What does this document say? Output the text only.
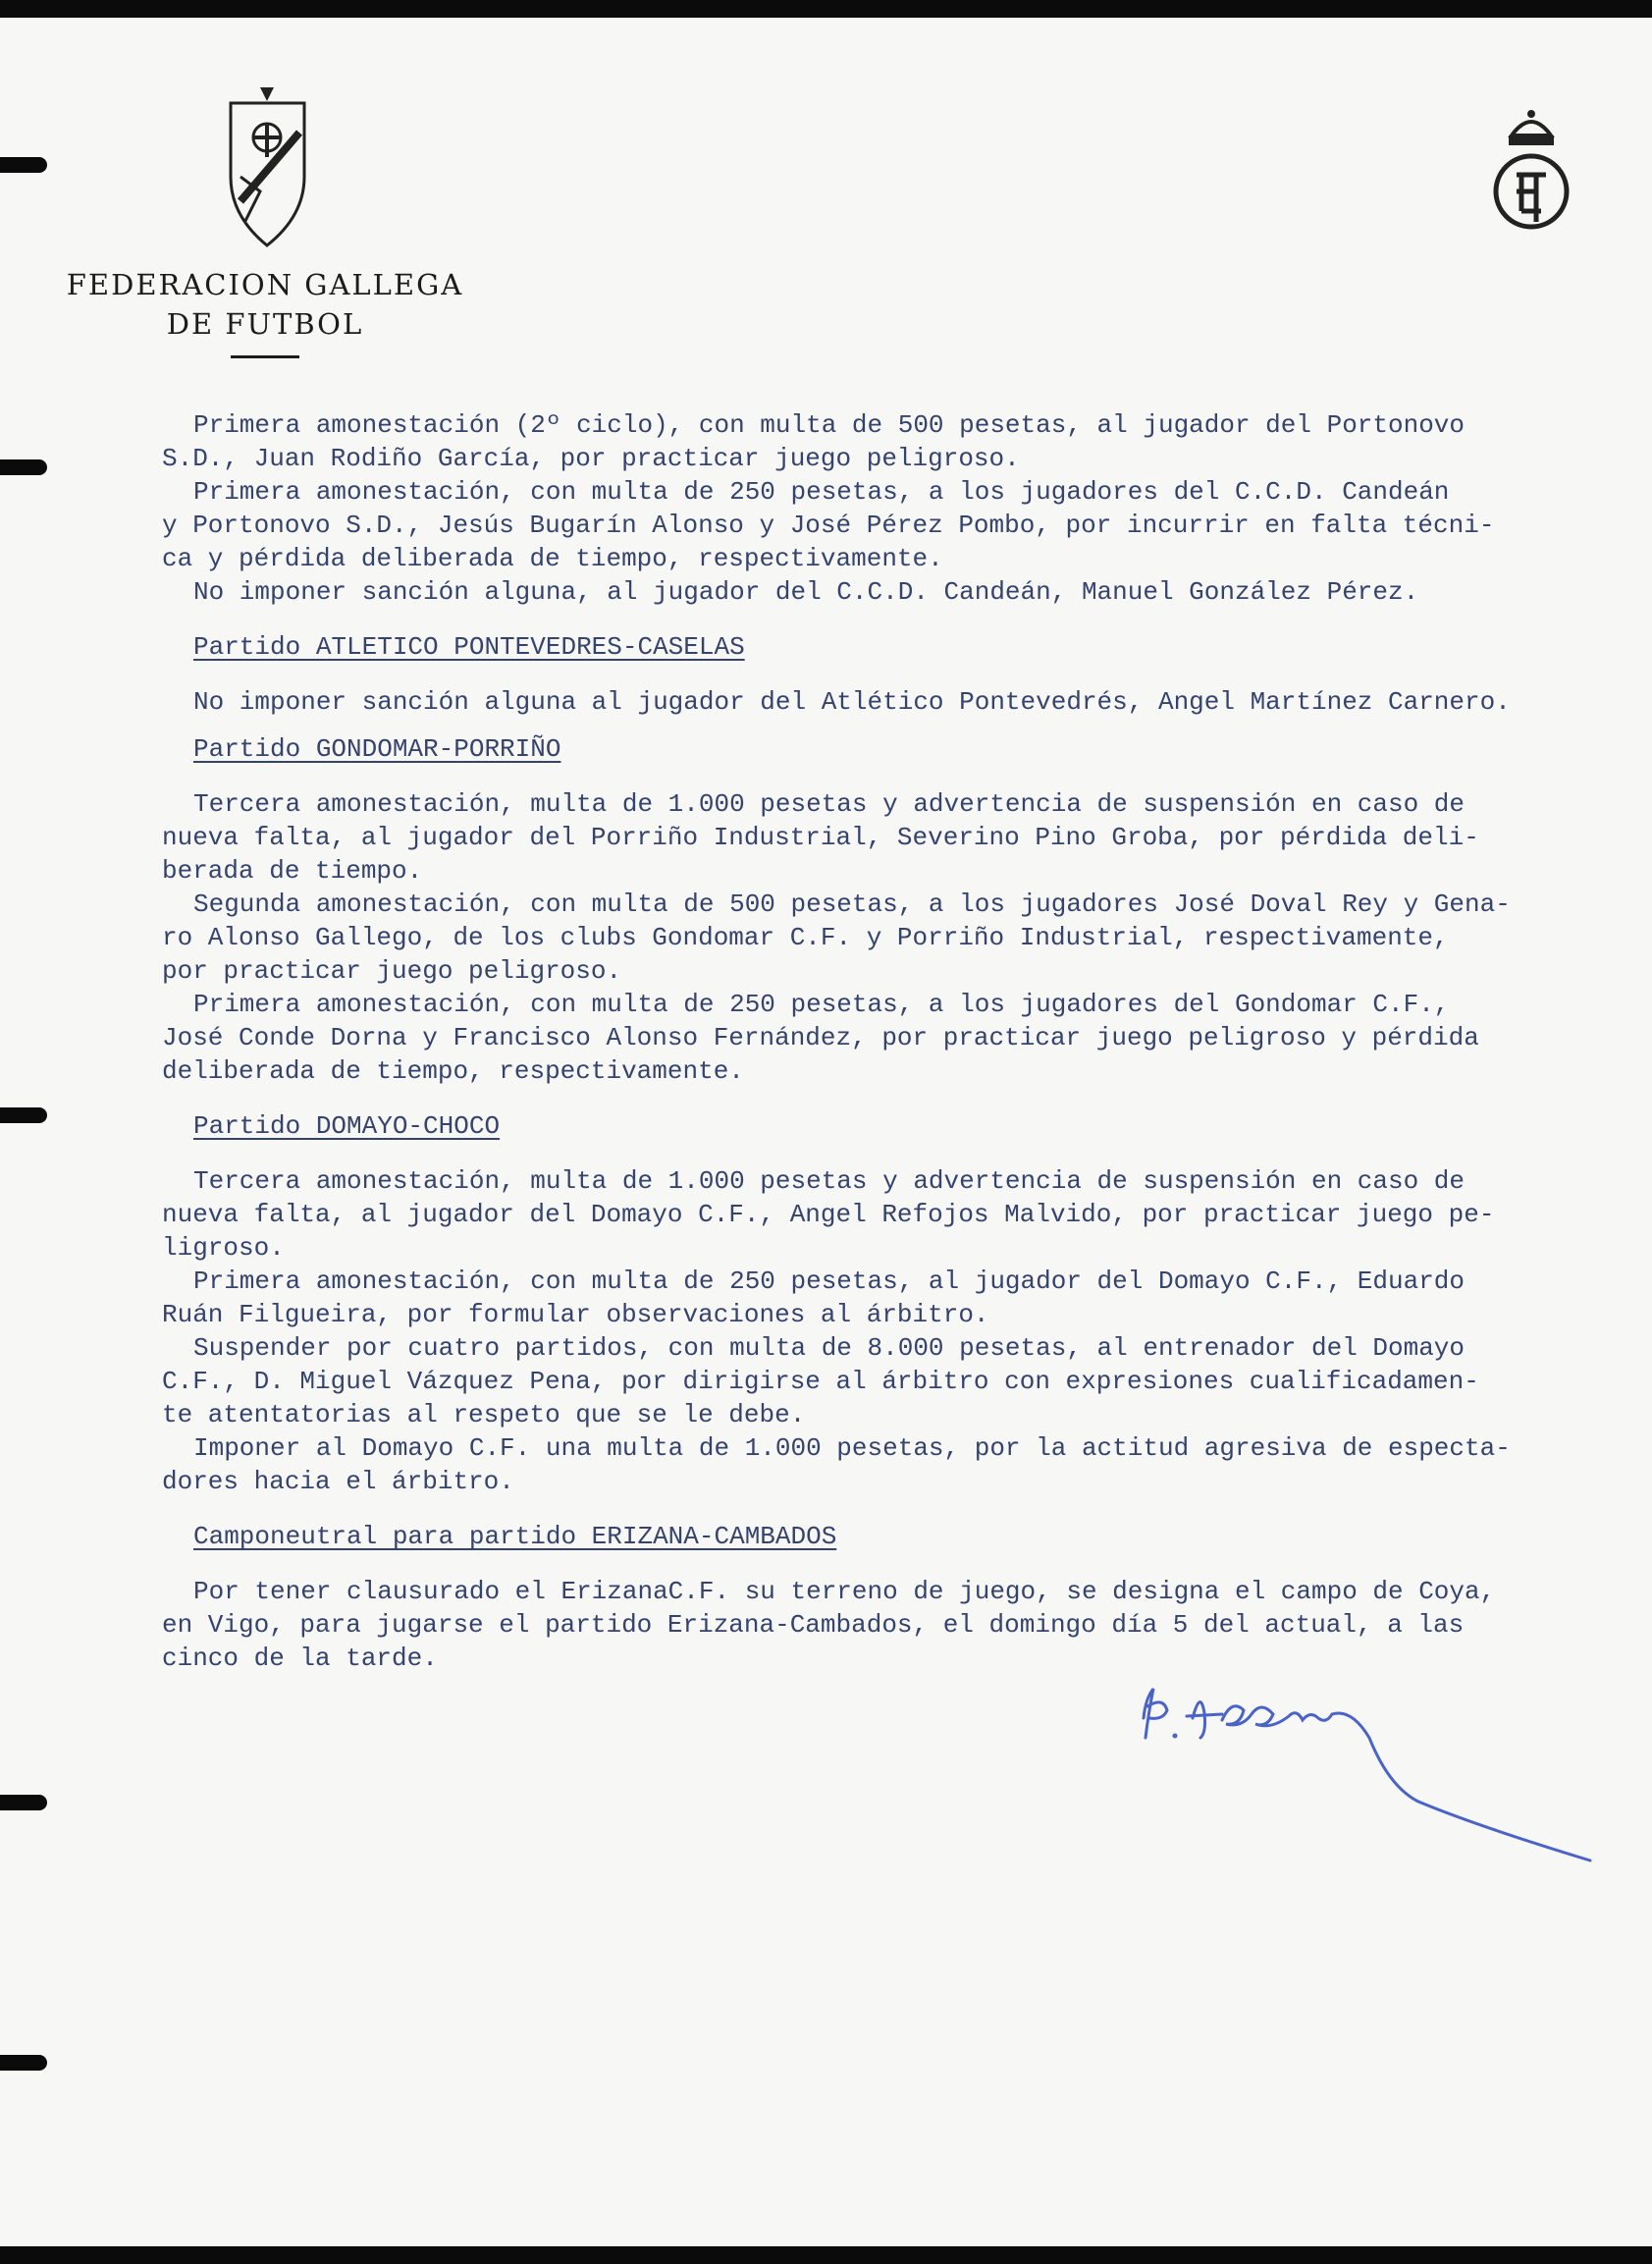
FEDERACION GALLEGA
DE FUTBOL

Primera amonestación (2º ciclo), con multa de 500 pesetas, al jugador del Portonovo
S.D., Juan Rodiño García, por practicar juego peligroso.

Primera amonestación, con multa de 250 pesetas, a los jugadores del C.C.D. Candeán
y Portonovo S.D., Jesús Bugarín Alonso y José Pérez Pombo, por incurrir en falta técni-
ca y pérdida deliberada de tiempo, respectivamente.

No imponer sanción alguna, al jugador del C.C.D. Candeán, Manuel González Pérez.

Partido ATLETICO PONTEVEDRES-CASELAS

No imponer sanción alguna al jugador del Atlético Pontevedrés, Angel Martínez Carnero.

Partido GONDOMAR-PORRIÑO

Tercera amonestación, multa de 1.000 pesetas y advertencia de suspensión en caso de
nueva falta, al jugador del Porriño Industrial, Severino Pino Groba, por pérdida deli-
berada de tiempo.

Segunda amonestación, con multa de 500 pesetas, a los jugadores José Doval Rey y Gena-
ro Alonso Gallego, de los clubs Gondomar C.F. y Porriño Industrial, respectivamente,
por practicar juego peligroso.

Primera amonestación, con multa de 250 pesetas, a los jugadores del Gondomar C.F.,
José Conde Dorna y Francisco Alonso Fernández, por practicar juego peligroso y pérdida
deliberada de tiempo, respectivamente.

Partido DOMAYO-CHOCO

Tercera amonestación, multa de 1.000 pesetas y advertencia de suspensión en caso de
nueva falta, al jugador del Domayo C.F., Angel Refojos Malvido, por practicar juego pe-
ligroso.

Primera amonestación, con multa de 250 pesetas, al jugador del Domayo C.F., Eduardo
Ruán Filgueira, por formular observaciones al árbitro.

Suspender por cuatro partidos, con multa de 8.000 pesetas, al entrenador del Domayo
C.F., D. Miguel Vázquez Pena, por dirigirse al árbitro con expresiones cualificadamen-
te atentatorias al respeto que se le debe.

Imponer al Domayo C.F. una multa de 1.000 pesetas, por la actitud agresiva de especta-
dores hacia el árbitro.

Camponeutral para partido ERIZANA-CAMBADOS

Por tener clausurado el ErizanaC.F. su terreno de juego, se designa el campo de Coya,
en Vigo, para jugarse el partido Erizana-Cambados, el domingo día 5 del actual, a las
cinco de la tarde.
